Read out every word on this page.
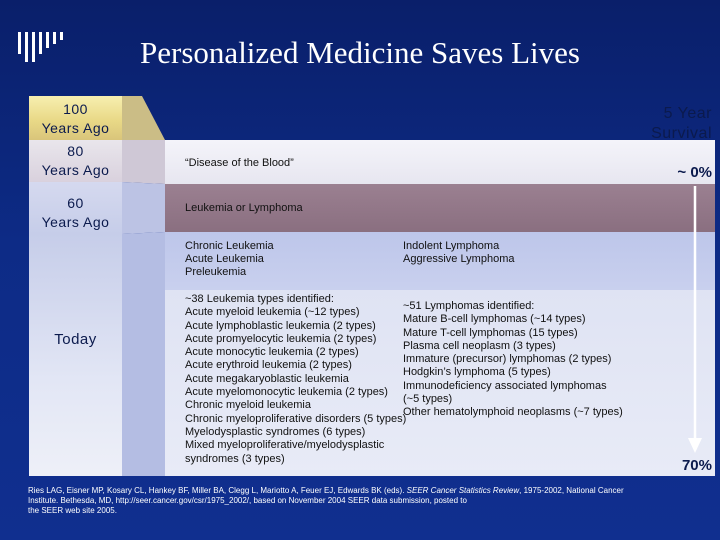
Personalized Medicine Saves Lives
100
Years Ago
80
Years Ago
60
Years Ago
Today
“Disease of the Blood”
Leukemia or Lymphoma
Chronic Leukemia
Acute Leukemia
Preleukemia
Indolent Lymphoma
Aggressive Lymphoma
~38 Leukemia types identified:
Acute myeloid leukemia (~12 types)
Acute lymphoblastic leukemia (2 types)
Acute promyelocytic leukemia (2 types)
Acute monocytic leukemia (2 types)
Acute erythroid leukemia (2 types)
Acute megakaryoblastic leukemia
Acute myelomonocytic leukemia (2 types)
Chronic myeloid leukemia
Chronic myeloproliferative disorders (5 types)
Myelodysplastic syndromes (6 types)
Mixed myeloproliferative/myelodysplastic
syndromes (3 types)
~51 Lymphomas identified:
Mature B-cell lymphomas (~14 types)
Mature T-cell lymphomas (15 types)
Plasma cell neoplasm (3 types)
Immature (precursor) lymphomas (2 types)
Hodgkin’s lymphoma (5 types)
Immunodeficiency associated lymphomas
(~5 types)
Other hematolymphoid neoplasms (~7 types)
5 Year
Survival
~ 0%
70%
Ries LAG, Eisner MP, Kosary CL, Hankey BF, Miller BA, Clegg L, Mariotto A, Feuer EJ, Edwards BK (eds). SEER Cancer Statistics Review, 1975-2002, National Cancer
Institute. Bethesda, MD, http://seer.cancer.gov/csr/1975_2002/, based on November 2004 SEER data submission, posted to
the SEER web site 2005.
